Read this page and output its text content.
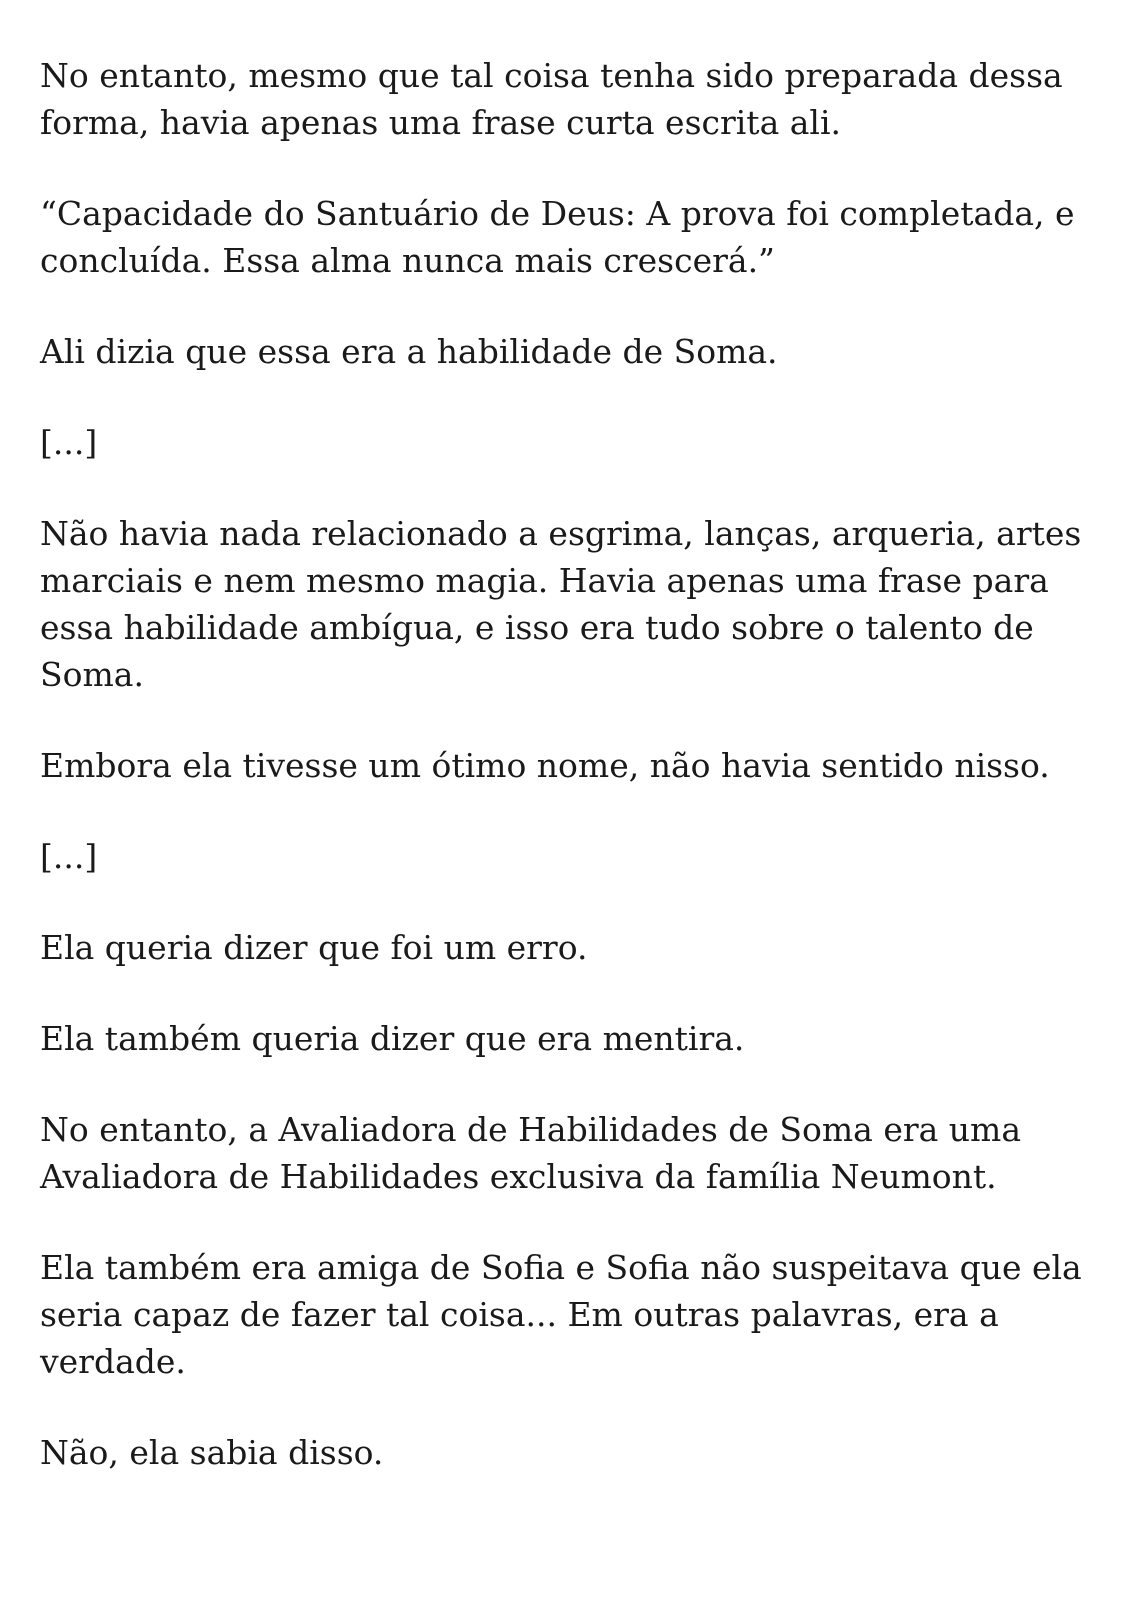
No entanto, mesmo que tal coisa tenha sido preparada dessa forma, havia apenas uma frase curta escrita ali.

“Capacidade do Santuário de Deus: A prova foi completada, e concluída. Essa alma nunca mais crescerá.”

Ali dizia que essa era a habilidade de Soma.

[...]

Não havia nada relacionado a esgrima, lanças, arqueria, artes marciais e nem mesmo magia. Havia apenas uma frase para essa habilidade ambígua, e isso era tudo sobre o talento de Soma.

Embora ela tivesse um ótimo nome, não havia sentido nisso.

[...]

Ela queria dizer que foi um erro.

Ela também queria dizer que era mentira.

No entanto, a Avaliadora de Habilidades de Soma era uma Avaliadora de Habilidades exclusiva da família Neumont.

Ela também era amiga de Sofia e Sofia não suspeitava que ela seria capaz de fazer tal coisa... Em outras palavras, era a verdade.

Não, ela sabia disso.
